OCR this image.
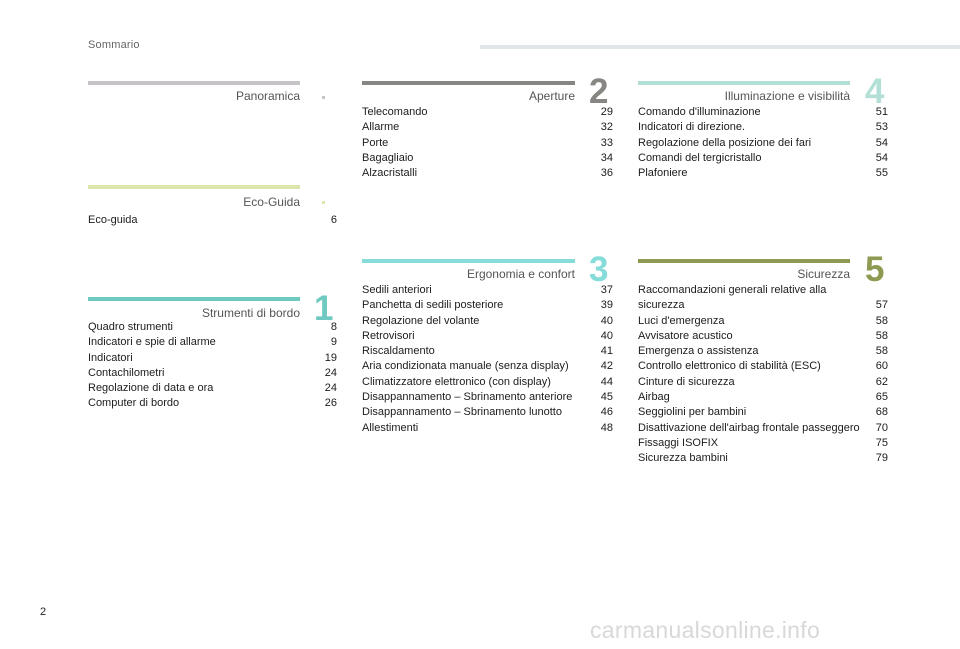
Sommario
Panoramica
Eco-Guida
Eco-guida	6
Strumenti di bordo 1
Quadro strumenti	8
Indicatori e spie di allarme	9
Indicatori	19
Contachilometri	24
Regolazione di data e ora	24
Computer di bordo	26
Aperture 2
Telecomando	29
Allarme	32
Porte	33
Bagagliaio	34
Alzacristalli	36
Ergonomia e confort 3
Sedili anteriori	37
Panchetta di sedili posteriore	39
Regolazione del volante	40
Retrovisori	40
Riscaldamento	41
Aria condizionata manuale (senza display)	42
Climatizzatore elettronico (con display)	44
Disappannamento – Sbrinamento anteriore	45
Disappannamento – Sbrinamento lunotto	46
Allestimenti	48
Illuminazione e visibilità 4
Comando d'illuminazione	51
Indicatori di direzione.	53
Regolazione della posizione dei fari	54
Comandi del tergicristallo	54
Plafoniere	55
Sicurezza 5
Raccomandazioni generali relative alla sicurezza	57
Luci d'emergenza	58
Avvisatore acustico	58
Emergenza o assistenza	58
Controllo elettronico di stabilità (ESC)	60
Cinture di sicurezza	62
Airbag	65
Seggiolini per bambini	68
Disattivazione dell'airbag frontale passeggero	70
Fissaggi ISOFIX	75
Sicurezza bambini	79
2
carmanualsonline.info
